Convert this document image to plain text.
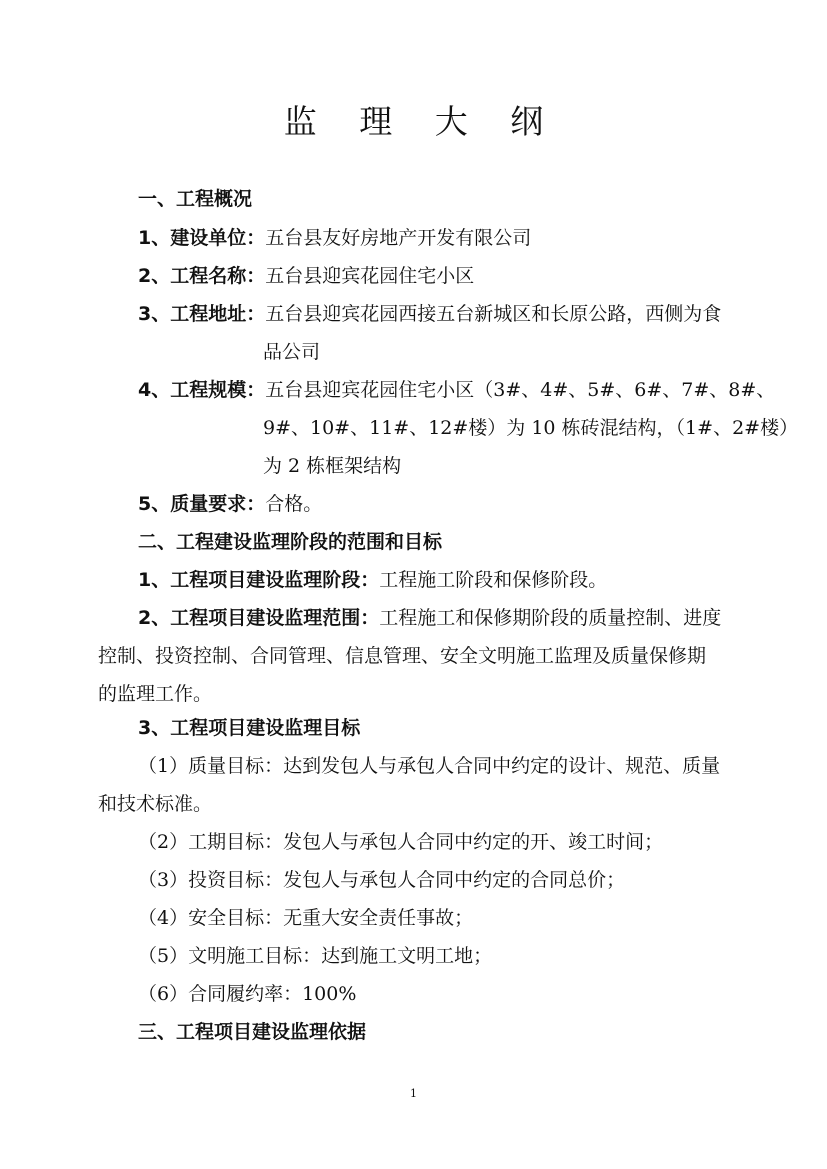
监 理 大 纲
一、工程概况
1、建设单位：五台县友好房地产开发有限公司
2、工程名称：五台县迎宾花园住宅小区
3、工程地址：五台县迎宾花园西接五台新城区和长原公路，西侧为食
品公司
4、工程规模：五台县迎宾花园住宅小区（3#、4#、5#、6#、7#、8#、
9#、10#、11#、12#楼）为 10 栋砖混结构，（1#、2#楼）
为 2 栋框架结构
5、质量要求：合格。
二、工程建设监理阶段的范围和目标
1、工程项目建设监理阶段：工程施工阶段和保修阶段。
2、工程项目建设监理范围：工程施工和保修期阶段的质量控制、进度
控制、投资控制、合同管理、信息管理、安全文明施工监理及质量保修期
的监理工作。
3、工程项目建设监理目标
（1）质量目标：达到发包人与承包人合同中约定的设计、规范、质量
和技术标准。
（2）工期目标：发包人与承包人合同中约定的开、竣工时间；
（3）投资目标：发包人与承包人合同中约定的合同总价；
（4）安全目标：无重大安全责任事故；
（5）文明施工目标：达到施工文明工地；
（6）合同履约率：100%
三、工程项目建设监理依据
1
